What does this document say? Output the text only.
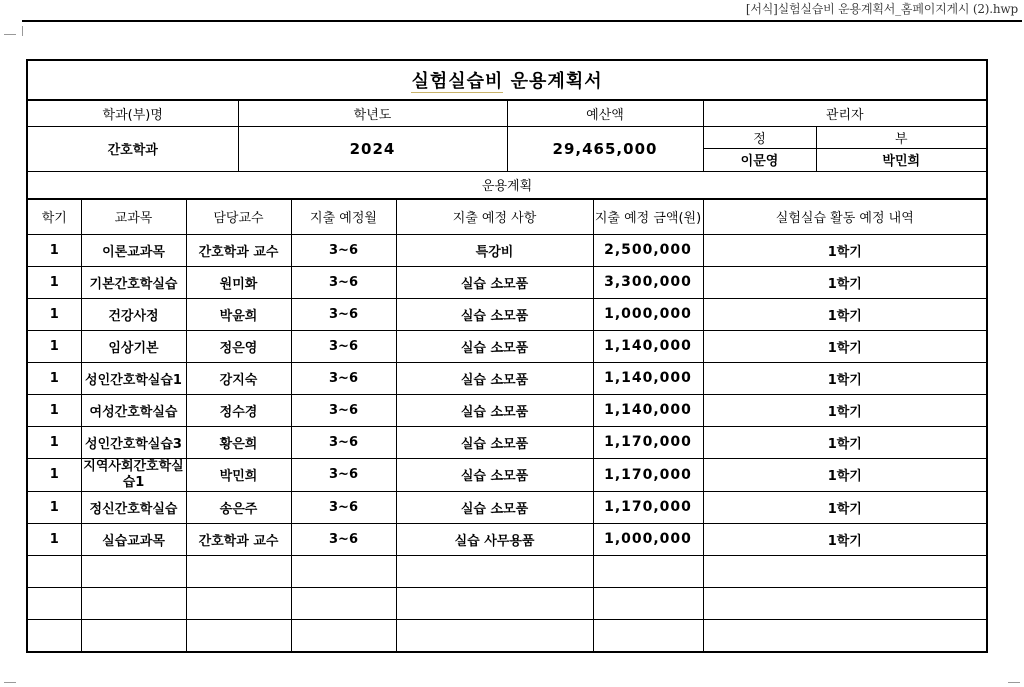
[서식]실험실습비 운용계획서_홈페이지게시 (2).hwp
실험실습비 운용계획서									
학과(부)명			학년도			예산액		관리자	
간호학과			2024			29,465,000		정	부
								이문영	박민희
운용계획									
학기	교과목	담당교수		지출 예정월	지출 예정 사항		지출 예정 금액(원)	실험실습 활동 예정 내역	
1	이론교과목	간호학과 교수		3~6	특강비		2,500,000	1학기	
1	기본간호학실습	원미화		3~6	실습 소모품		3,300,000	1학기	
1	건강사정	박윤희		3~6	실습 소모품		1,000,000	1학기	
1	임상기본	정은영		3~6	실습 소모품		1,140,000	1학기	
1	성인간호학실습1	강지숙		3~6	실습 소모품		1,140,000	1학기	
1	여성간호학실습	정수경		3~6	실습 소모품		1,140,000	1학기	
1	성인간호학실습3	황은희		3~6	실습 소모품		1,170,000	1학기	
1	지역사회간호학실습1	박민희		3~6	실습 소모품		1,170,000	1학기	
1	정신간호학실습	송은주		3~6	실습 소모품		1,170,000	1학기	
1	실습교과목	간호학과 교수		3~6	실습 사무용품		1,000,000	1학기	
